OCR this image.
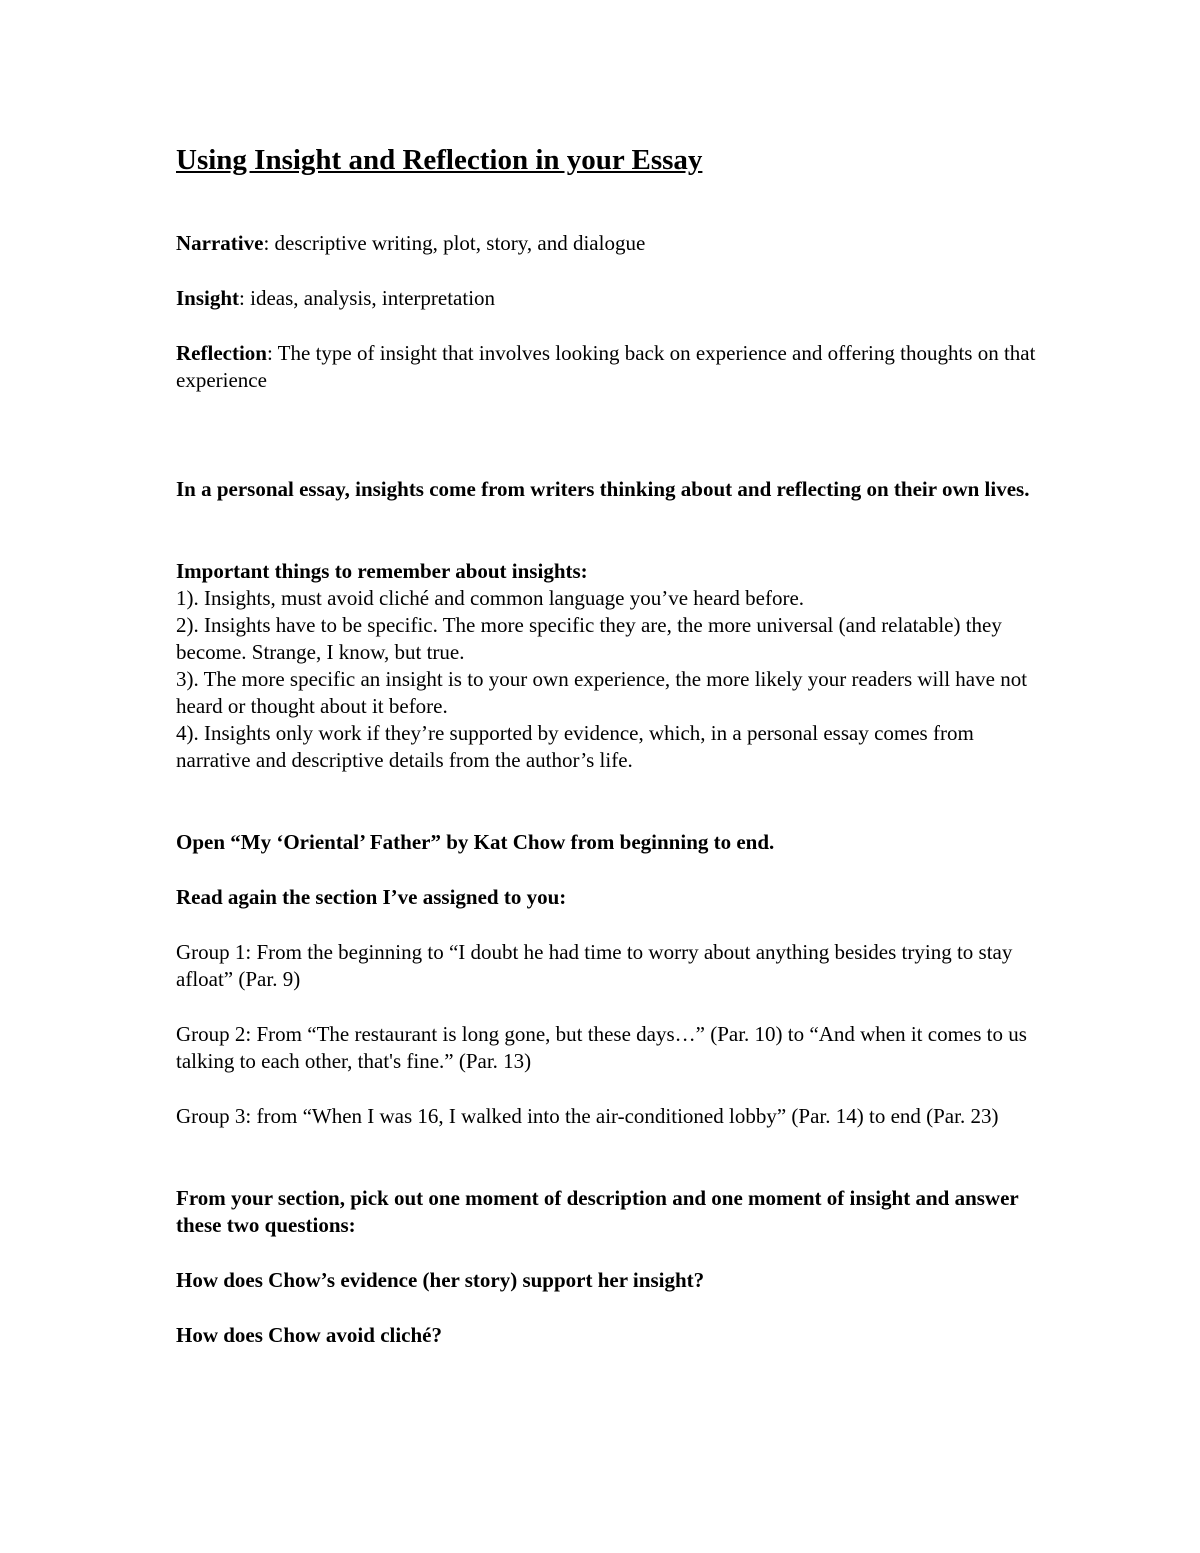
Using Insight and Reflection in your Essay

Narrative: descriptive writing, plot, story, and dialogue

Insight: ideas, analysis, interpretation

Reflection: The type of insight that involves looking back on experience and offering thoughts on that experience

In a personal essay, insights come from writers thinking about and reflecting on their own lives.

Important things to remember about insights:

1). Insights, must avoid cliché and common language you’ve heard before.

2). Insights have to be specific. The more specific they are, the more universal (and relatable) they become. Strange, I know, but true.

3). The more specific an insight is to your own experience, the more likely your readers will have not heard or thought about it before.

4). Insights only work if they’re supported by evidence, which, in a personal essay comes from narrative and descriptive details from the author’s life.

Open “My ‘Oriental’ Father” by Kat Chow from beginning to end.

Read again the section I’ve assigned to you:

Group 1: From the beginning to “I doubt he had time to worry about anything besides trying to stay afloat” (Par. 9)

Group 2: From “The restaurant is long gone, but these days…” (Par. 10) to “And when it comes to us talking to each other, that's fine.” (Par. 13)

Group 3: from “When I was 16, I walked into the air-conditioned lobby” (Par. 14) to end (Par. 23)

From your section, pick out one moment of description and one moment of insight and answer these two questions:

How does Chow’s evidence (her story) support her insight?

How does Chow avoid cliché?
